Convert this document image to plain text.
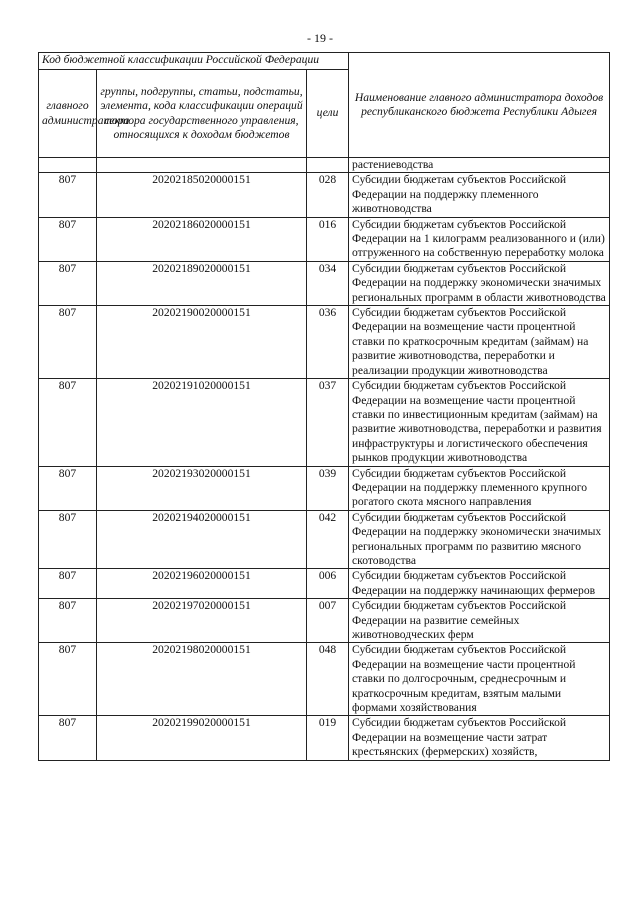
- 19 -
Код бюджетной классификации Российской Федерации			Наименование главного администратора доходов республиканского бюджета Республики Адыгея
главного администратора	группы, подгруппы, статьи, подстатьи, элемента, кода классификации операций сектора государственного управления, относящихся к доходам бюджетов	цели	
			растениеводства
807	20202185020000151	028	Субсидии бюджетам субъектов Российской Федерации на поддержку племенного животноводства
807	20202186020000151	016	Субсидии бюджетам субъектов Российской Федерации на 1 килограмм реализованного и (или) отгруженного на собственную переработку молока
807	20202189020000151	034	Субсидии бюджетам субъектов Российской Федерации на поддержку экономически значимых региональных программ в области животноводства
807	20202190020000151	036	Субсидии бюджетам субъектов Российской Федерации на возмещение части процентной ставки по краткосрочным кредитам (займам) на развитие животноводства, переработки и реализации продукции животноводства
807	20202191020000151	037	Субсидии бюджетам субъектов Российской Федерации на возмещение части процентной ставки по инвестиционным кредитам (займам) на развитие животноводства, переработки и развития инфраструктуры и логистического обеспечения рынков продукции животноводства
807	20202193020000151	039	Субсидии бюджетам субъектов Российской Федерации на поддержку племенного крупного рогатого скота мясного направления
807	20202194020000151	042	Субсидии бюджетам субъектов Российской Федерации на поддержку экономически значимых региональных программ по развитию мясного скотоводства
807	20202196020000151	006	Субсидии бюджетам субъектов Российской Федерации на поддержку начинающих фермеров
807	20202197020000151	007	Субсидии бюджетам субъектов Российской Федерации на развитие семейных животноводческих ферм
807	20202198020000151	048	Субсидии бюджетам субъектов Российской Федерации на возмещение части процентной ставки по долгосрочным, среднесрочным и краткосрочным кредитам, взятым малыми формами хозяйствования
807	20202199020000151	019	Субсидии бюджетам субъектов Российской Федерации на возмещение части затрат крестьянских (фермерских) хозяйств,
